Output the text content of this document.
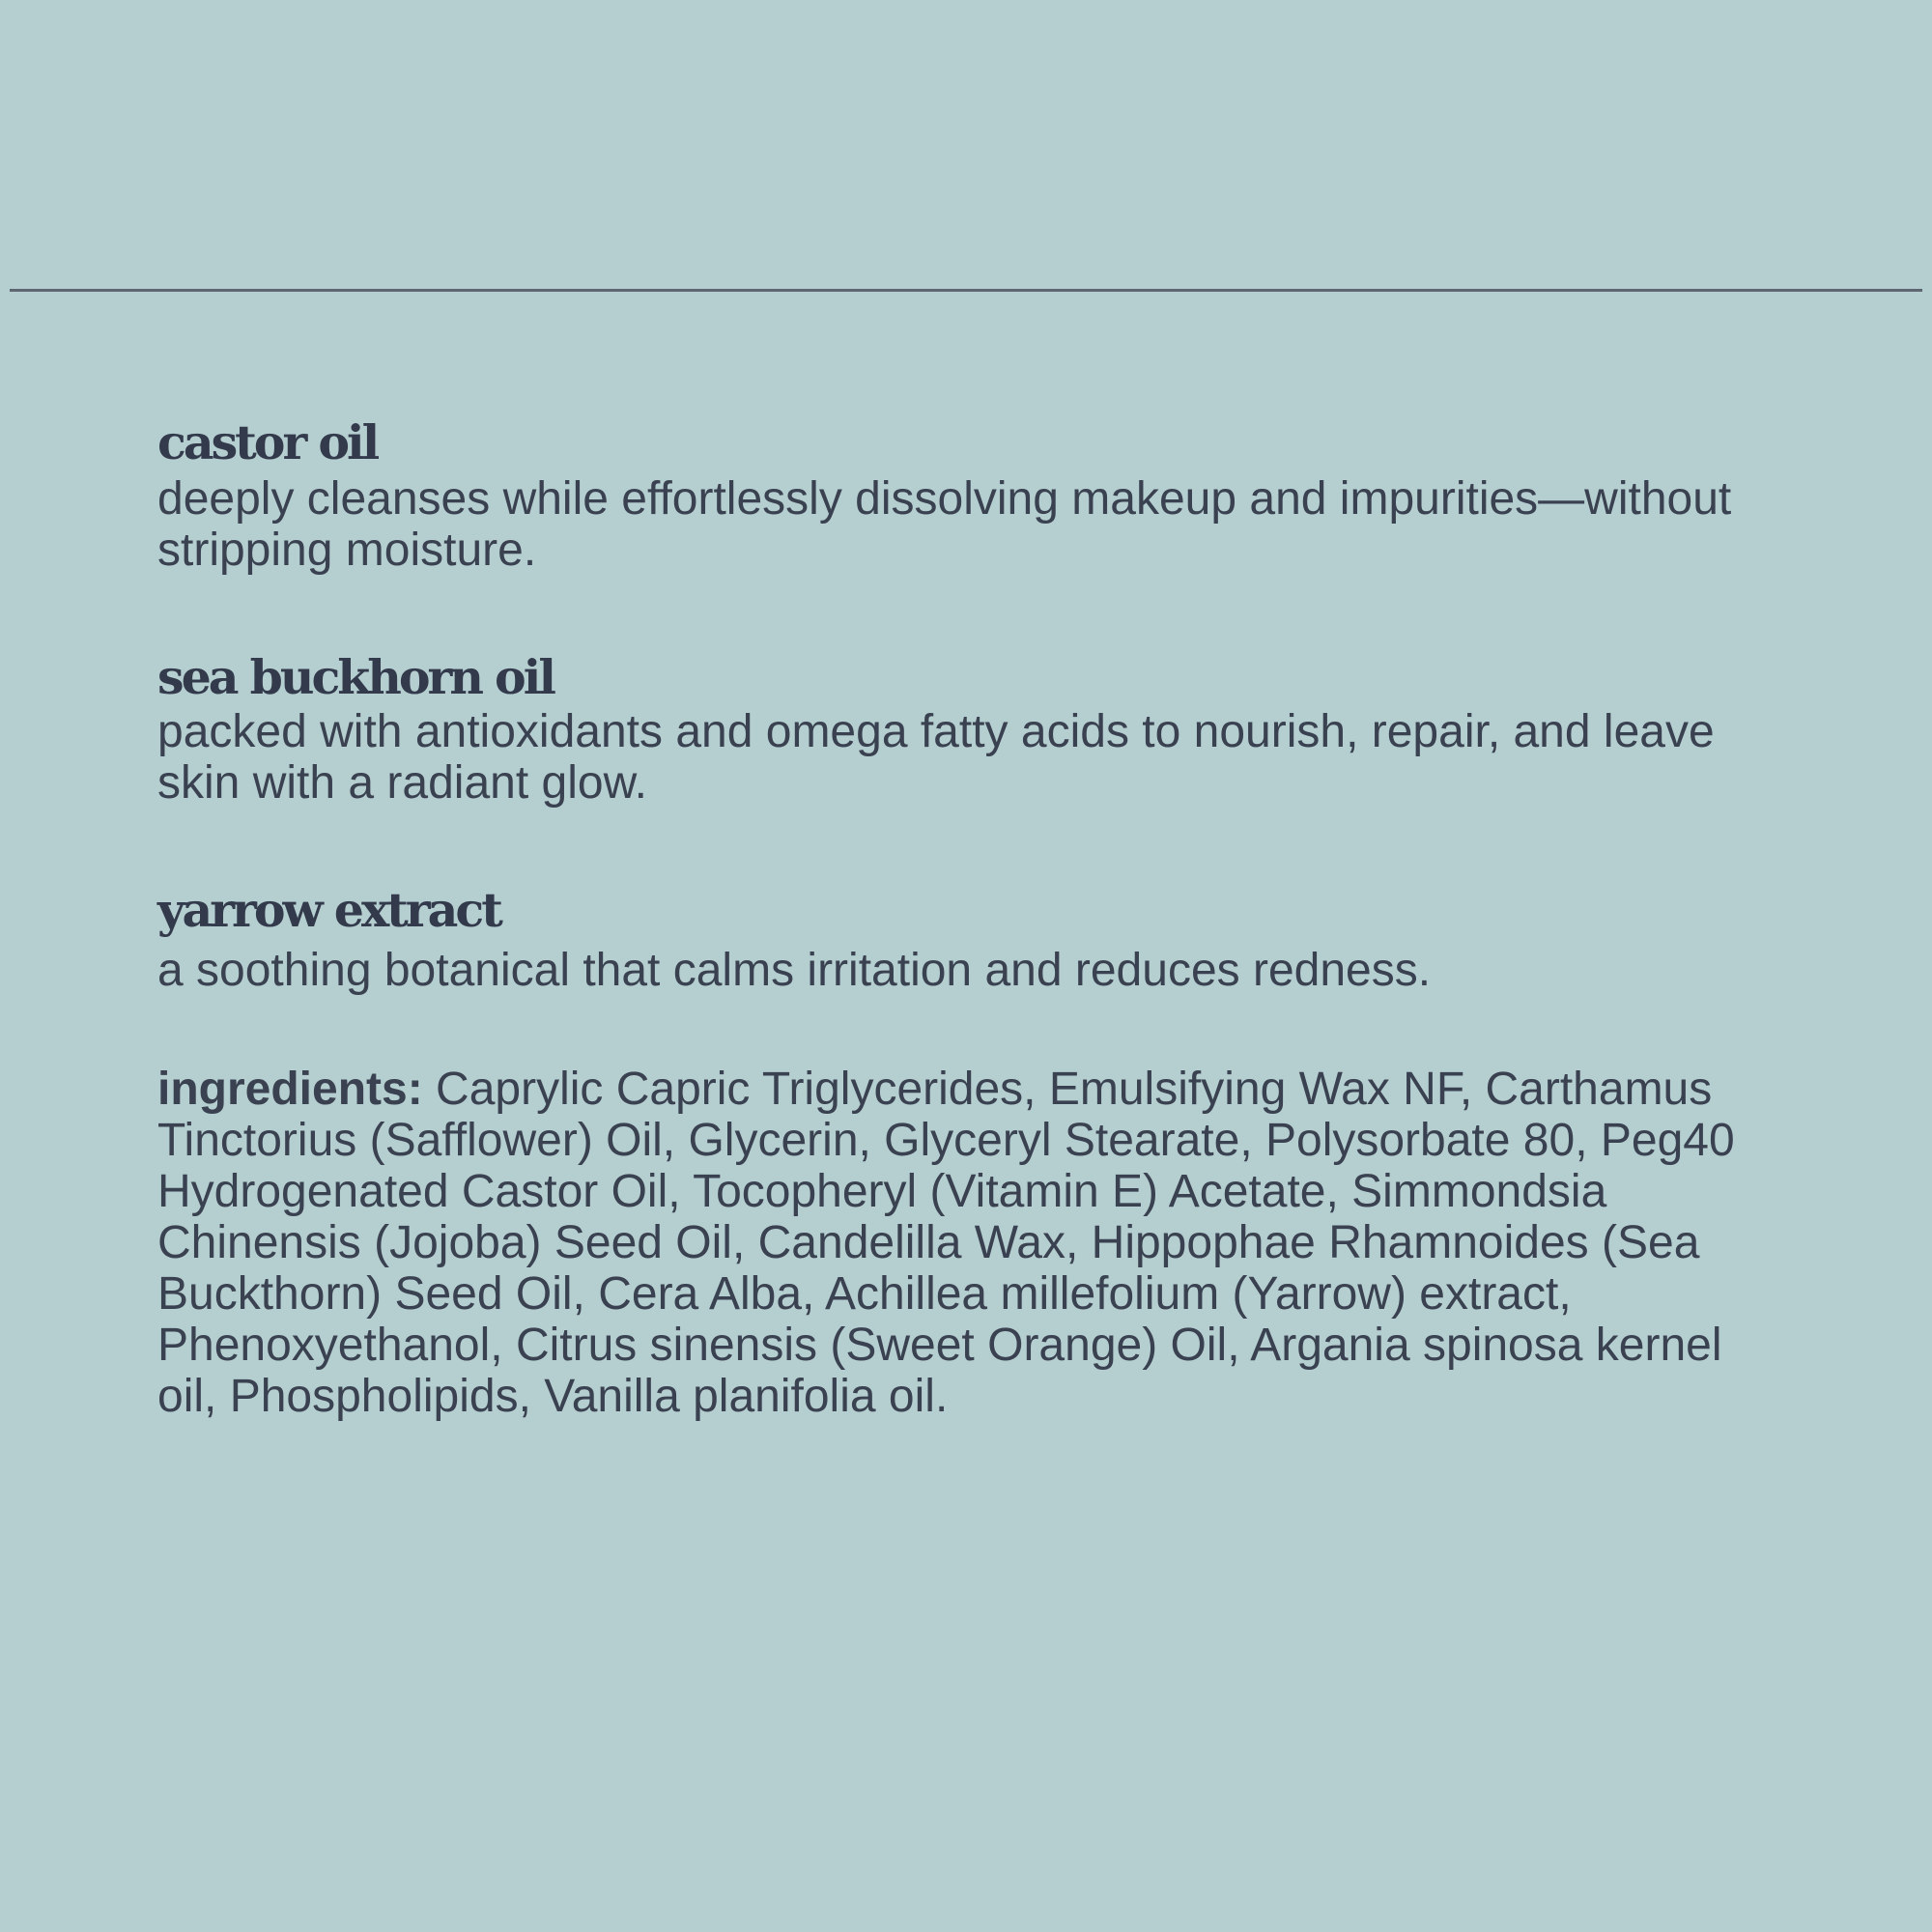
castor oil

deeply cleanses while effortlessly dissolving makeup and impurities—without stripping moisture.

sea buckhorn oil

packed with antioxidants and omega fatty acids to nourish, repair, and leave skin with a radiant glow.

yarrow extract

a soothing botanical that calms irritation and reduces redness.

ingredients: Caprylic Capric Triglycerides, Emulsifying Wax NF, Carthamus Tinctorius (Safflower) Oil, Glycerin, Glyceryl Stearate, Polysorbate 80, Peg40 Hydrogenated Castor Oil, Tocopheryl (Vitamin E) Acetate, Simmondsia Chinensis (Jojoba) Seed Oil, Candelilla Wax, Hippophae Rhamnoides (Sea Buckthorn) Seed Oil, Cera Alba, Achillea millefolium (Yarrow) extract, Phenoxyethanol, Citrus sinensis (Sweet Orange) Oil, Argania spinosa kernel oil, Phospholipids, Vanilla planifolia oil.
